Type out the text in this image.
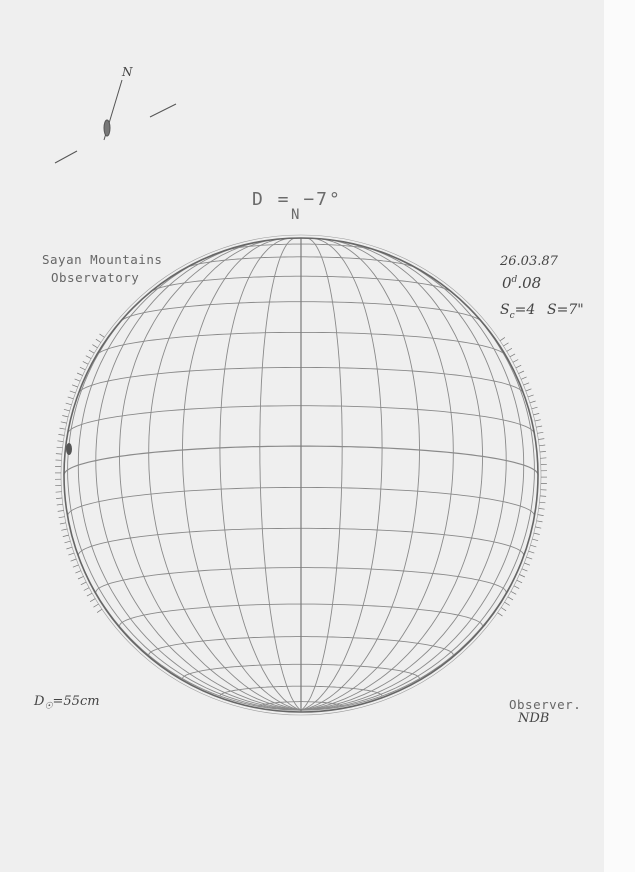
N
D = −7°
N
Sayan Mountains
Observatory
26.03.87
0$^d$.08
$S_c=4$ S=7"
$D_☉=55cm$	Observer.
NDB
